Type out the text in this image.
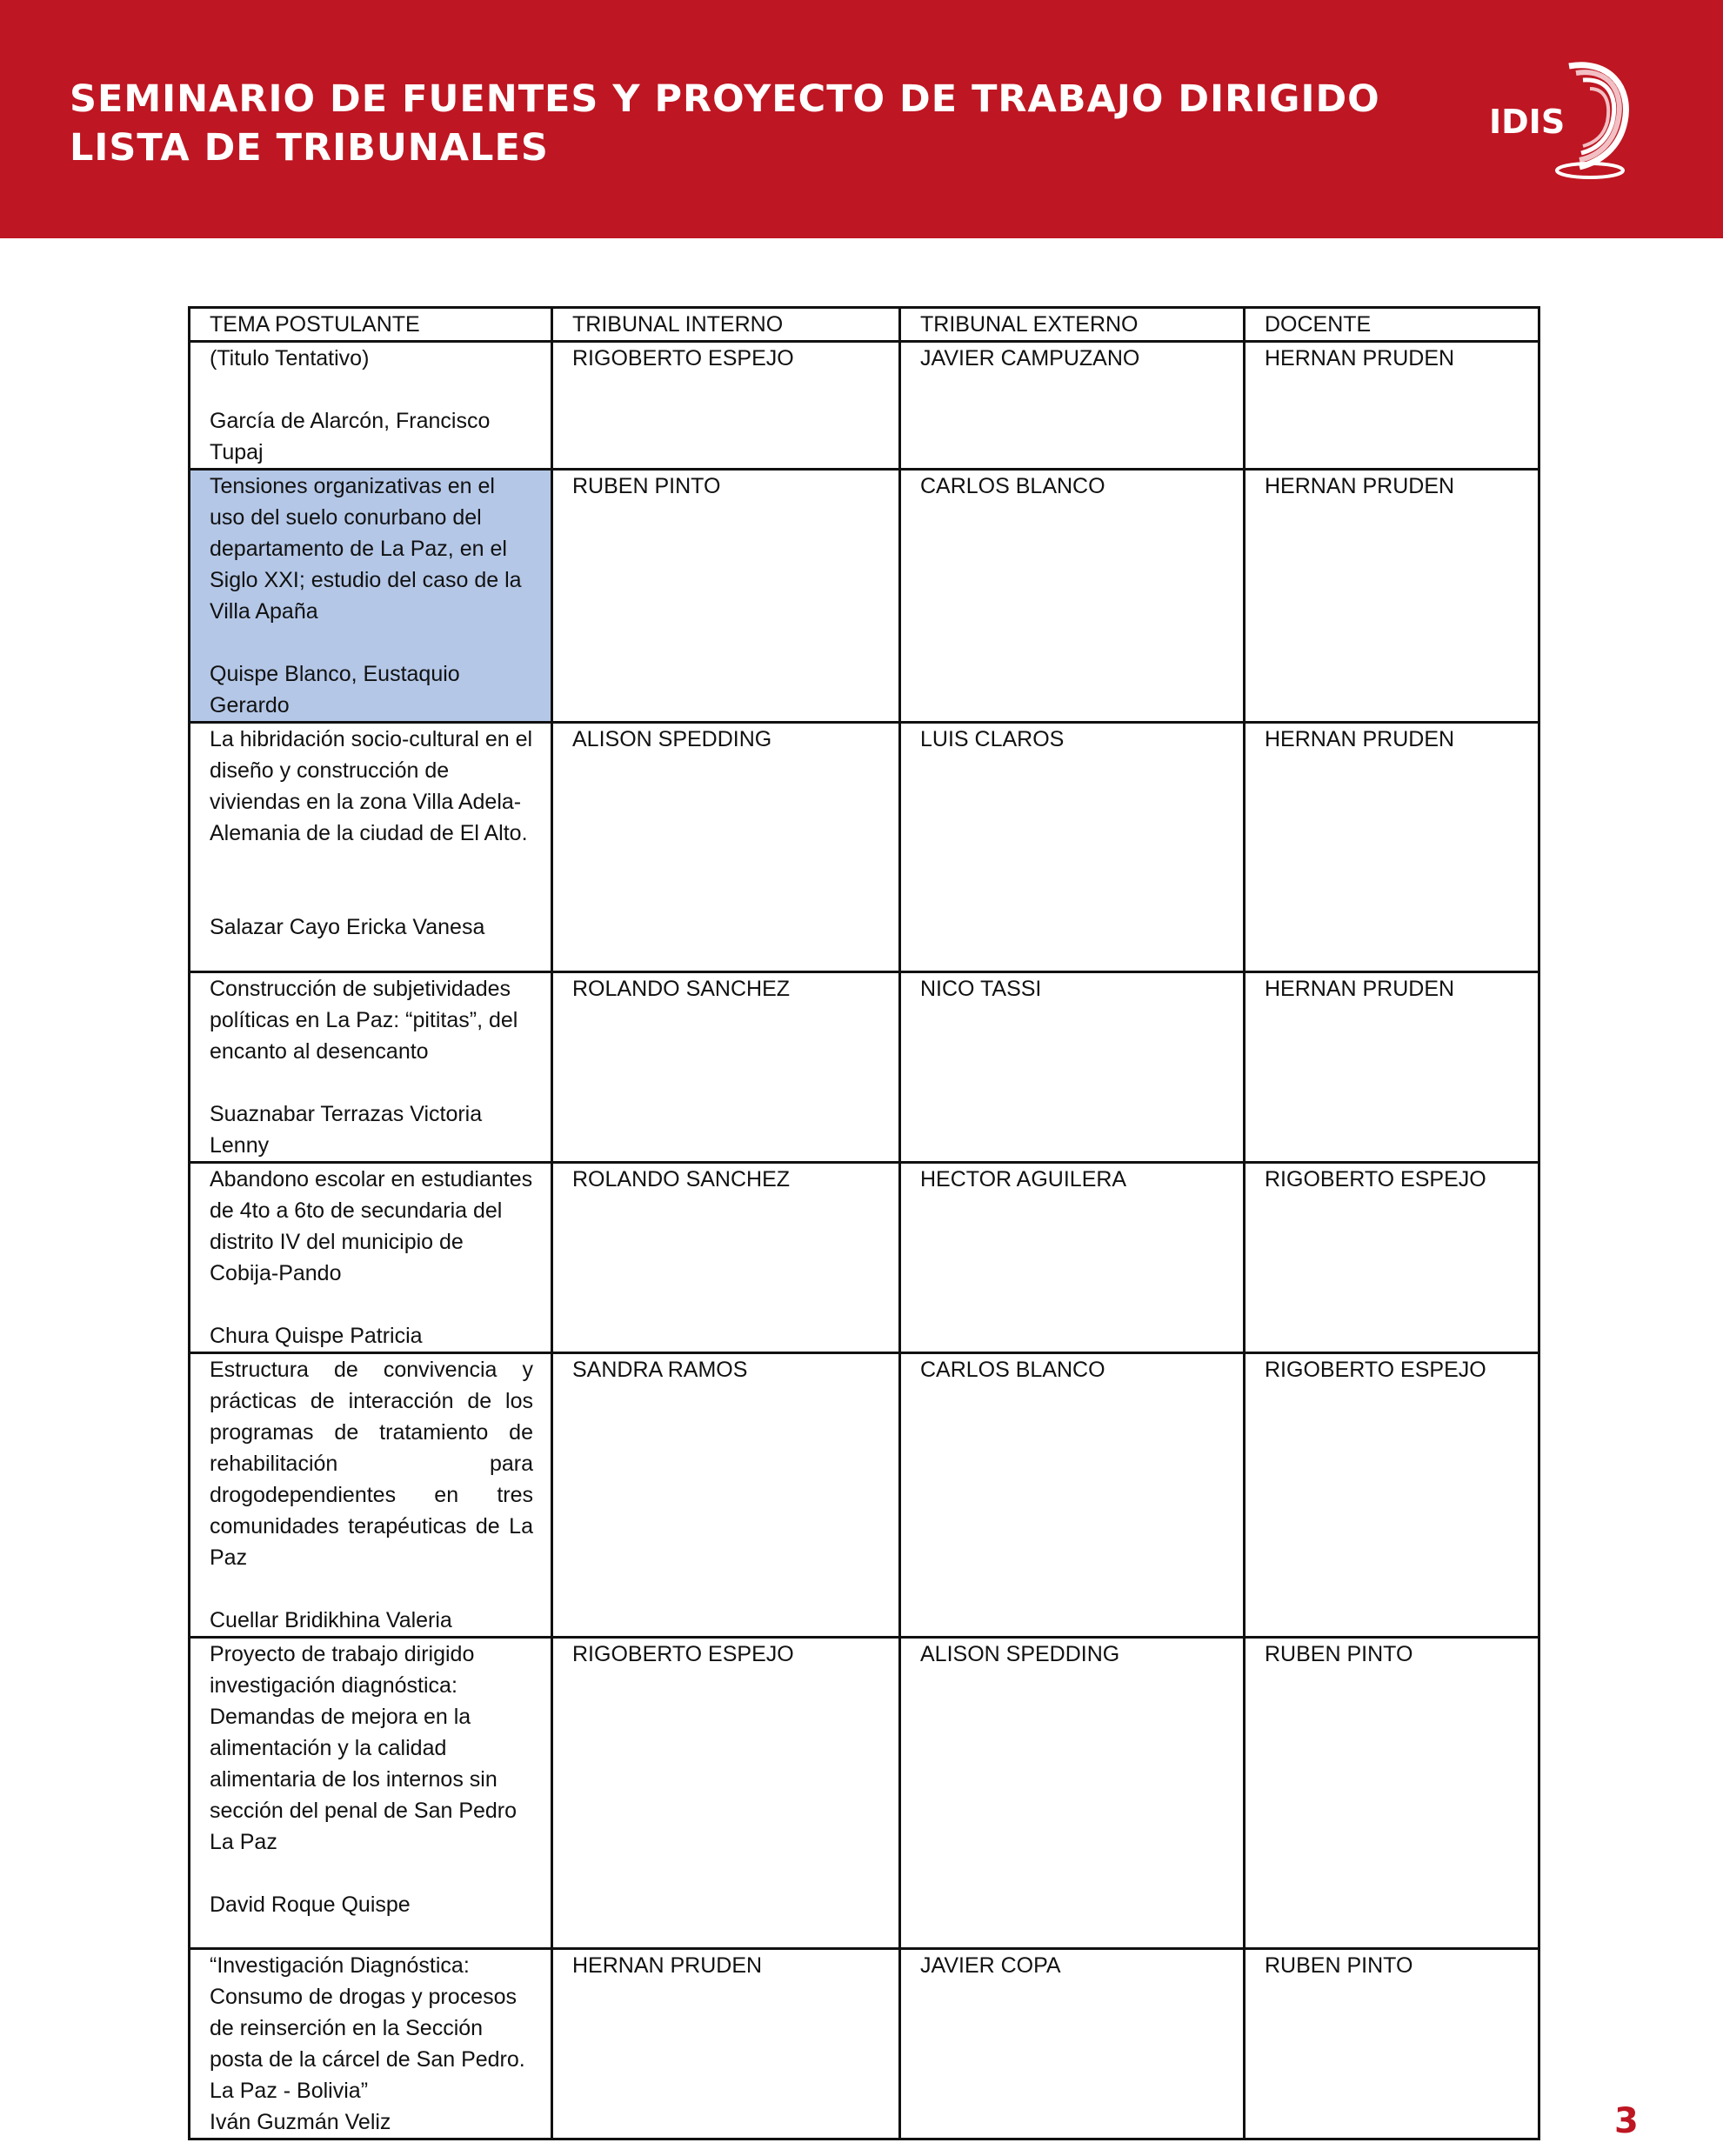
SEMINARIO DE FUENTES Y PROYECTO DE TRABAJO DIRIGIDO
LISTA DE TRIBUNALES
IDIS
TEMA POSTULANTE	TRIBUNAL INTERNO	TRIBUNAL EXTERNO	DOCENTE

(Titulo Tentativo)
García de Alarcón, Francisco Tupaj	RIGOBERTO ESPEJO	JAVIER CAMPUZANO	HERNAN PRUDEN

Tensiones organizativas en el uso del suelo conurbano del departamento de La Paz, en el Siglo XXI; estudio del caso de la Villa Apaña
Quispe Blanco, Eustaquio Gerardo	RUBEN PINTO	CARLOS BLANCO	HERNAN PRUDEN

La hibridación socio-cultural en el diseño y construcción de viviendas en la zona Villa Adela-Alemania de la ciudad de El Alto.
Salazar Cayo Ericka Vanesa	ALISON SPEDDING	LUIS CLAROS	HERNAN PRUDEN

Construcción de subjetividades políticas en La Paz: “pititas”, del encanto al desencanto
Suaznabar Terrazas Victoria Lenny	ROLANDO SANCHEZ	NICO TASSI	HERNAN PRUDEN

Abandono escolar en estudiantes de 4to a 6to de secundaria del distrito IV del municipio de Cobija-Pando
Chura Quispe Patricia	ROLANDO SANCHEZ	HECTOR AGUILERA	RIGOBERTO ESPEJO

Estructura de convivencia y prácticas de interacción de los programas de tratamiento de rehabilitación para drogodependientes en tres comunidades terapéuticas de La Paz
Cuellar Bridikhina Valeria	SANDRA RAMOS	CARLOS BLANCO	RIGOBERTO ESPEJO

Proyecto de trabajo dirigido investigación diagnóstica: Demandas de mejora en la alimentación y la calidad alimentaria de los internos sin sección del penal de San Pedro La Paz
David Roque Quispe	RIGOBERTO ESPEJO	ALISON SPEDDING	RUBEN PINTO

“Investigación Diagnóstica: Consumo de drogas y procesos de reinserción en la Sección posta de la cárcel de San Pedro. La Paz - Bolivia”
Iván Guzmán Veliz	HERNAN PRUDEN	JAVIER COPA	RUBEN PINTO
3
